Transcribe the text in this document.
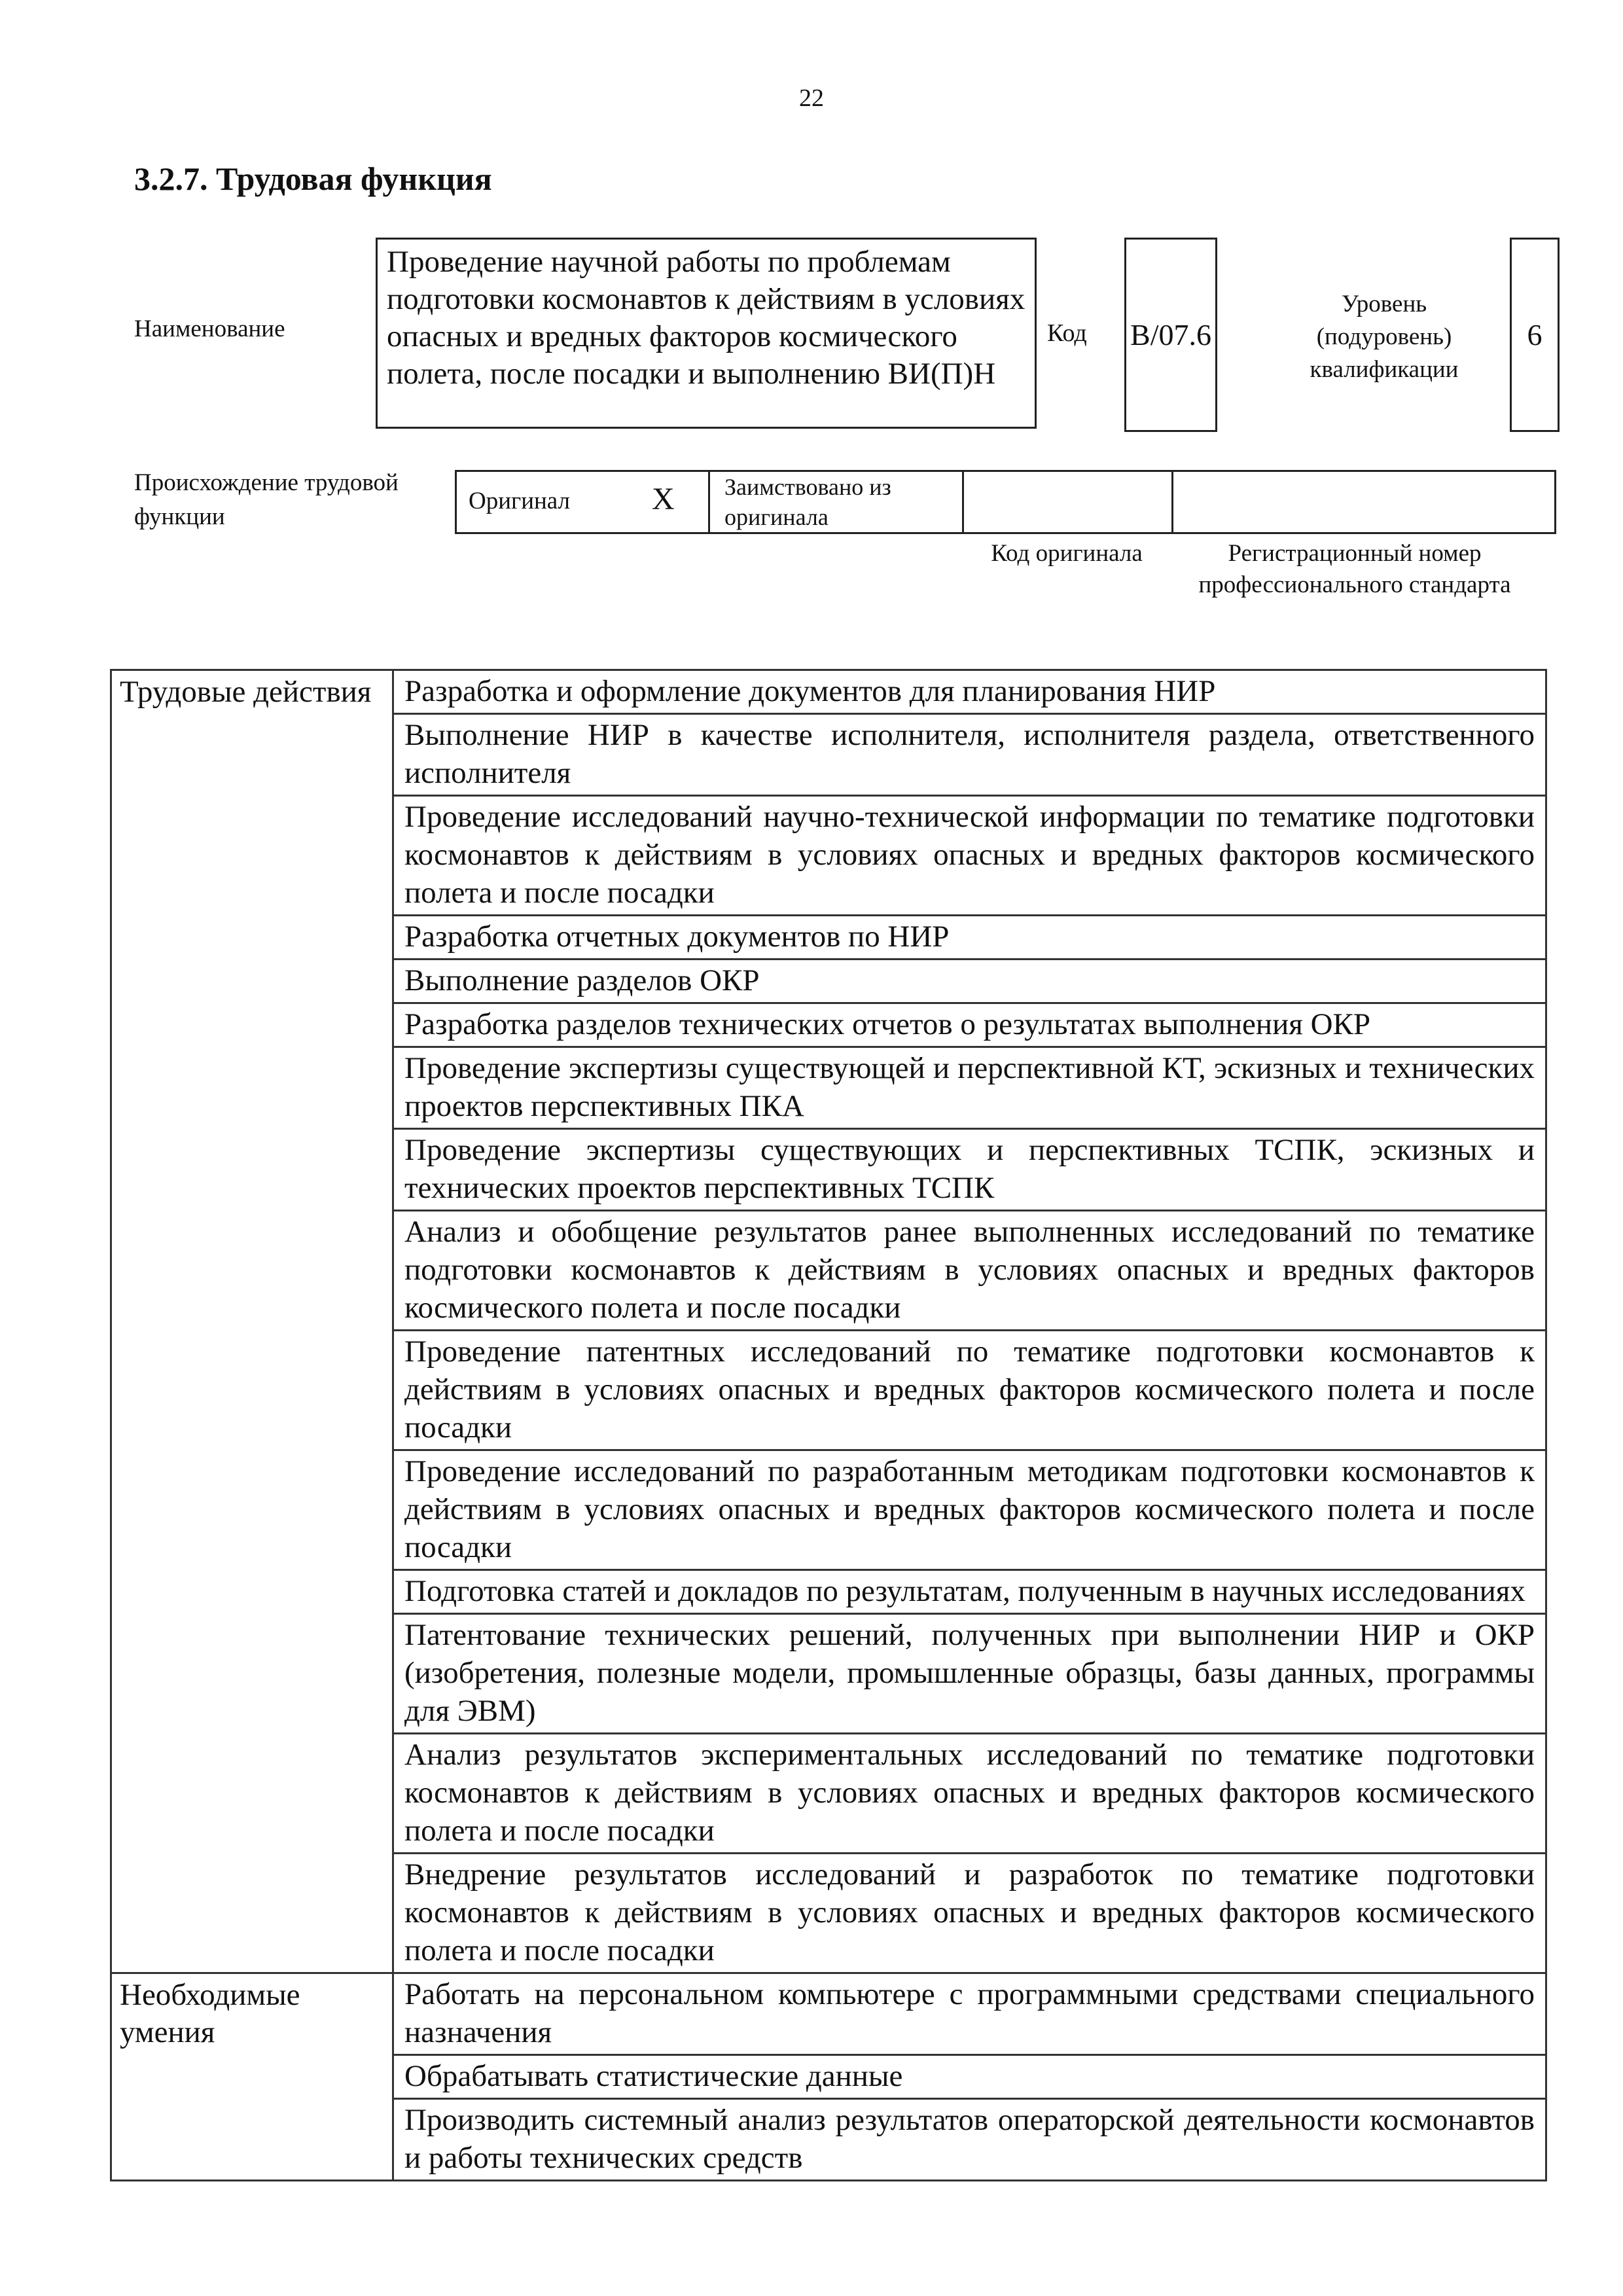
22
3.2.7. Трудовая функция
Наименование
Проведение научной работы по проблемам подготовки космонавтов к действиям в условиях опасных и вредных факторов космического полета, после посадки и выполнению ВИ(П)Н
Код B/07.6
Уровень (подуровень) квалификации
6
Происхождение трудовой функции
Оригинал	X Заимствовано из оригинала
Код оригинала	Регистрационный номер профессионального стандарта
Трудовые действия	Разработка и оформление документов для планирования НИР
	Выполнение НИР в качестве исполнителя, исполнителя раздела, ответственного исполнителя
	Проведение исследований научно-технической информации по тематике подготовки космонавтов к действиям в условиях опасных и вредных факторов космического полета и после посадки
	Разработка отчетных документов по НИР
	Выполнение разделов ОКР
	Разработка разделов технических отчетов о результатах выполнения ОКР
	Проведение экспертизы существующей и перспективной КТ, эскизных и технических проектов перспективных ПКА
	Проведение экспертизы существующих и перспективных ТСПК, эскизных и технических проектов перспективных ТСПК
	Анализ и обобщение результатов ранее выполненных исследований по тематике подготовки космонавтов к действиям в условиях опасных и вредных факторов космического полета и после посадки
	Проведение патентных исследований по тематике подготовки космонавтов к действиям в условиях опасных и вредных факторов космического полета и после посадки
	Проведение исследований по разработанным методикам подготовки космонавтов к действиям в условиях опасных и вредных факторов космического полета и после посадки
	Подготовка статей и докладов по результатам, полученным в научных исследованиях
	Патентование технических решений, полученных при выполнении НИР и ОКР (изобретения, полезные модели, промышленные образцы, базы данных, программы для ЭВМ)
	Анализ результатов экспериментальных исследований по тематике подготовки космонавтов к действиям в условиях опасных и вредных факторов космического полета и после посадки
	Внедрение результатов исследований и разработок по тематике подготовки космонавтов к действиям в условиях опасных и вредных факторов космического полета и после посадки
Необходимые умения	Работать на персональном компьютере с программными средствами специального назначения
	Обрабатывать статистические данные
	Производить системный анализ результатов операторской деятельности космонавтов и работы технических средств
